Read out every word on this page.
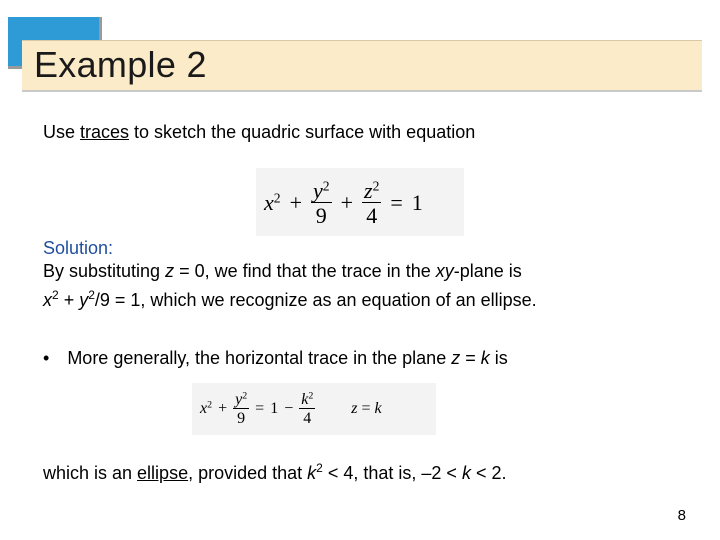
Example 2
Use traces to sketch the quadric surface with equation
$x^2 + \frac{y^2}{9} + \frac{z^2}{4} = 1$
Solution:
By substituting z = 0, we find that the trace in the xy-plane is
$x^2 + y^2/9 = 1$, which we recognize as an equation of an ellipse.
• More generally, the horizontal trace in the plane z = k is
$x^2 + \frac{y^2}{9} = 1 - \frac{k^2}{4}$ z = k
which is an ellipse, provided that $k^2 < 4$, that is, –2 < k < 2.
8
